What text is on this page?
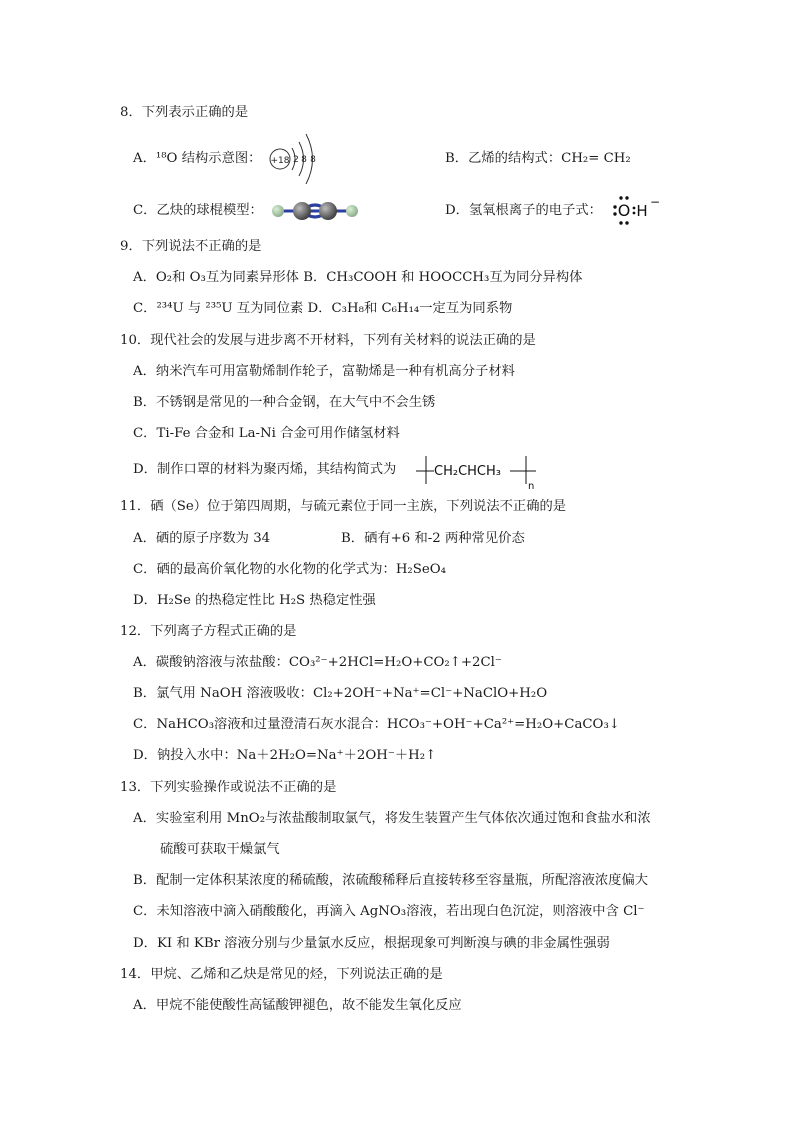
8．下列表示正确的是
A．¹⁸O 结构示意图： +18 2 8 8	B．乙烯的结构式：CH₂= CH₂
C．乙炔的球棍模型：	D．氢氧根离子的电子式： O H −
9．下列说法不正确的是
A．O₂和 O₃互为同素异形体 B．CH₃COOH 和 HOOCCH₃互为同分异构体
C．²³⁴U 与 ²³⁵U 互为同位素 D．C₃H₈和 C₆H₁₄一定互为同系物
10．现代社会的发展与进步离不开材料，下列有关材料的说法正确的是
A．纳米汽车可用富勒烯制作轮子，富勒烯是一种有机高分子材料
B．不锈钢是常见的一种合金钢，在大气中不会生锈
C．Ti-Fe 合金和 La-Ni 合金可用作储氢材料
D．制作口罩的材料为聚丙烯，其结构简式为	CH₂CHCH₃
n
11．硒（Se）位于第四周期，与硫元素位于同一主族，下列说法不正确的是
A．硒的原子序数为 34	B．硒有+6 和-2 两种常见价态
C．硒的最高价氧化物的水化物的化学式为：H₂SeO₄
D．H₂Se 的热稳定性比 H₂S 热稳定性强
12．下列离子方程式正确的是
A．碳酸钠溶液与浓盐酸：CO₃²⁻+2HCl=H₂O+CO₂↑+2Cl⁻
B．氯气用 NaOH 溶液吸收：Cl₂+2OH⁻+Na⁺=Cl⁻+NaClO+H₂O
C．NaHCO₃溶液和过量澄清石灰水混合：HCO₃⁻+OH⁻+Ca²⁺=H₂O+CaCO₃↓
D．钠投入水中：Na＋2H₂O=Na⁺＋2OH⁻＋H₂↑
13．下列实验操作或说法不正确的是
A．实验室利用 MnO₂与浓盐酸制取氯气，将发生装置产生气体依次通过饱和食盐水和浓
硫酸可获取干燥氯气
B．配制一定体积某浓度的稀硫酸，浓硫酸稀释后直接转移至容量瓶，所配溶液浓度偏大
C．未知溶液中滴入硝酸酸化，再滴入 AgNO₃溶液，若出现白色沉淀，则溶液中含 Cl⁻
D．KI 和 KBr 溶液分别与少量氯水反应，根据现象可判断溴与碘的非金属性强弱
14．甲烷、乙烯和乙炔是常见的烃，下列说法正确的是
A．甲烷不能使酸性高锰酸钾褪色，故不能发生氧化反应
